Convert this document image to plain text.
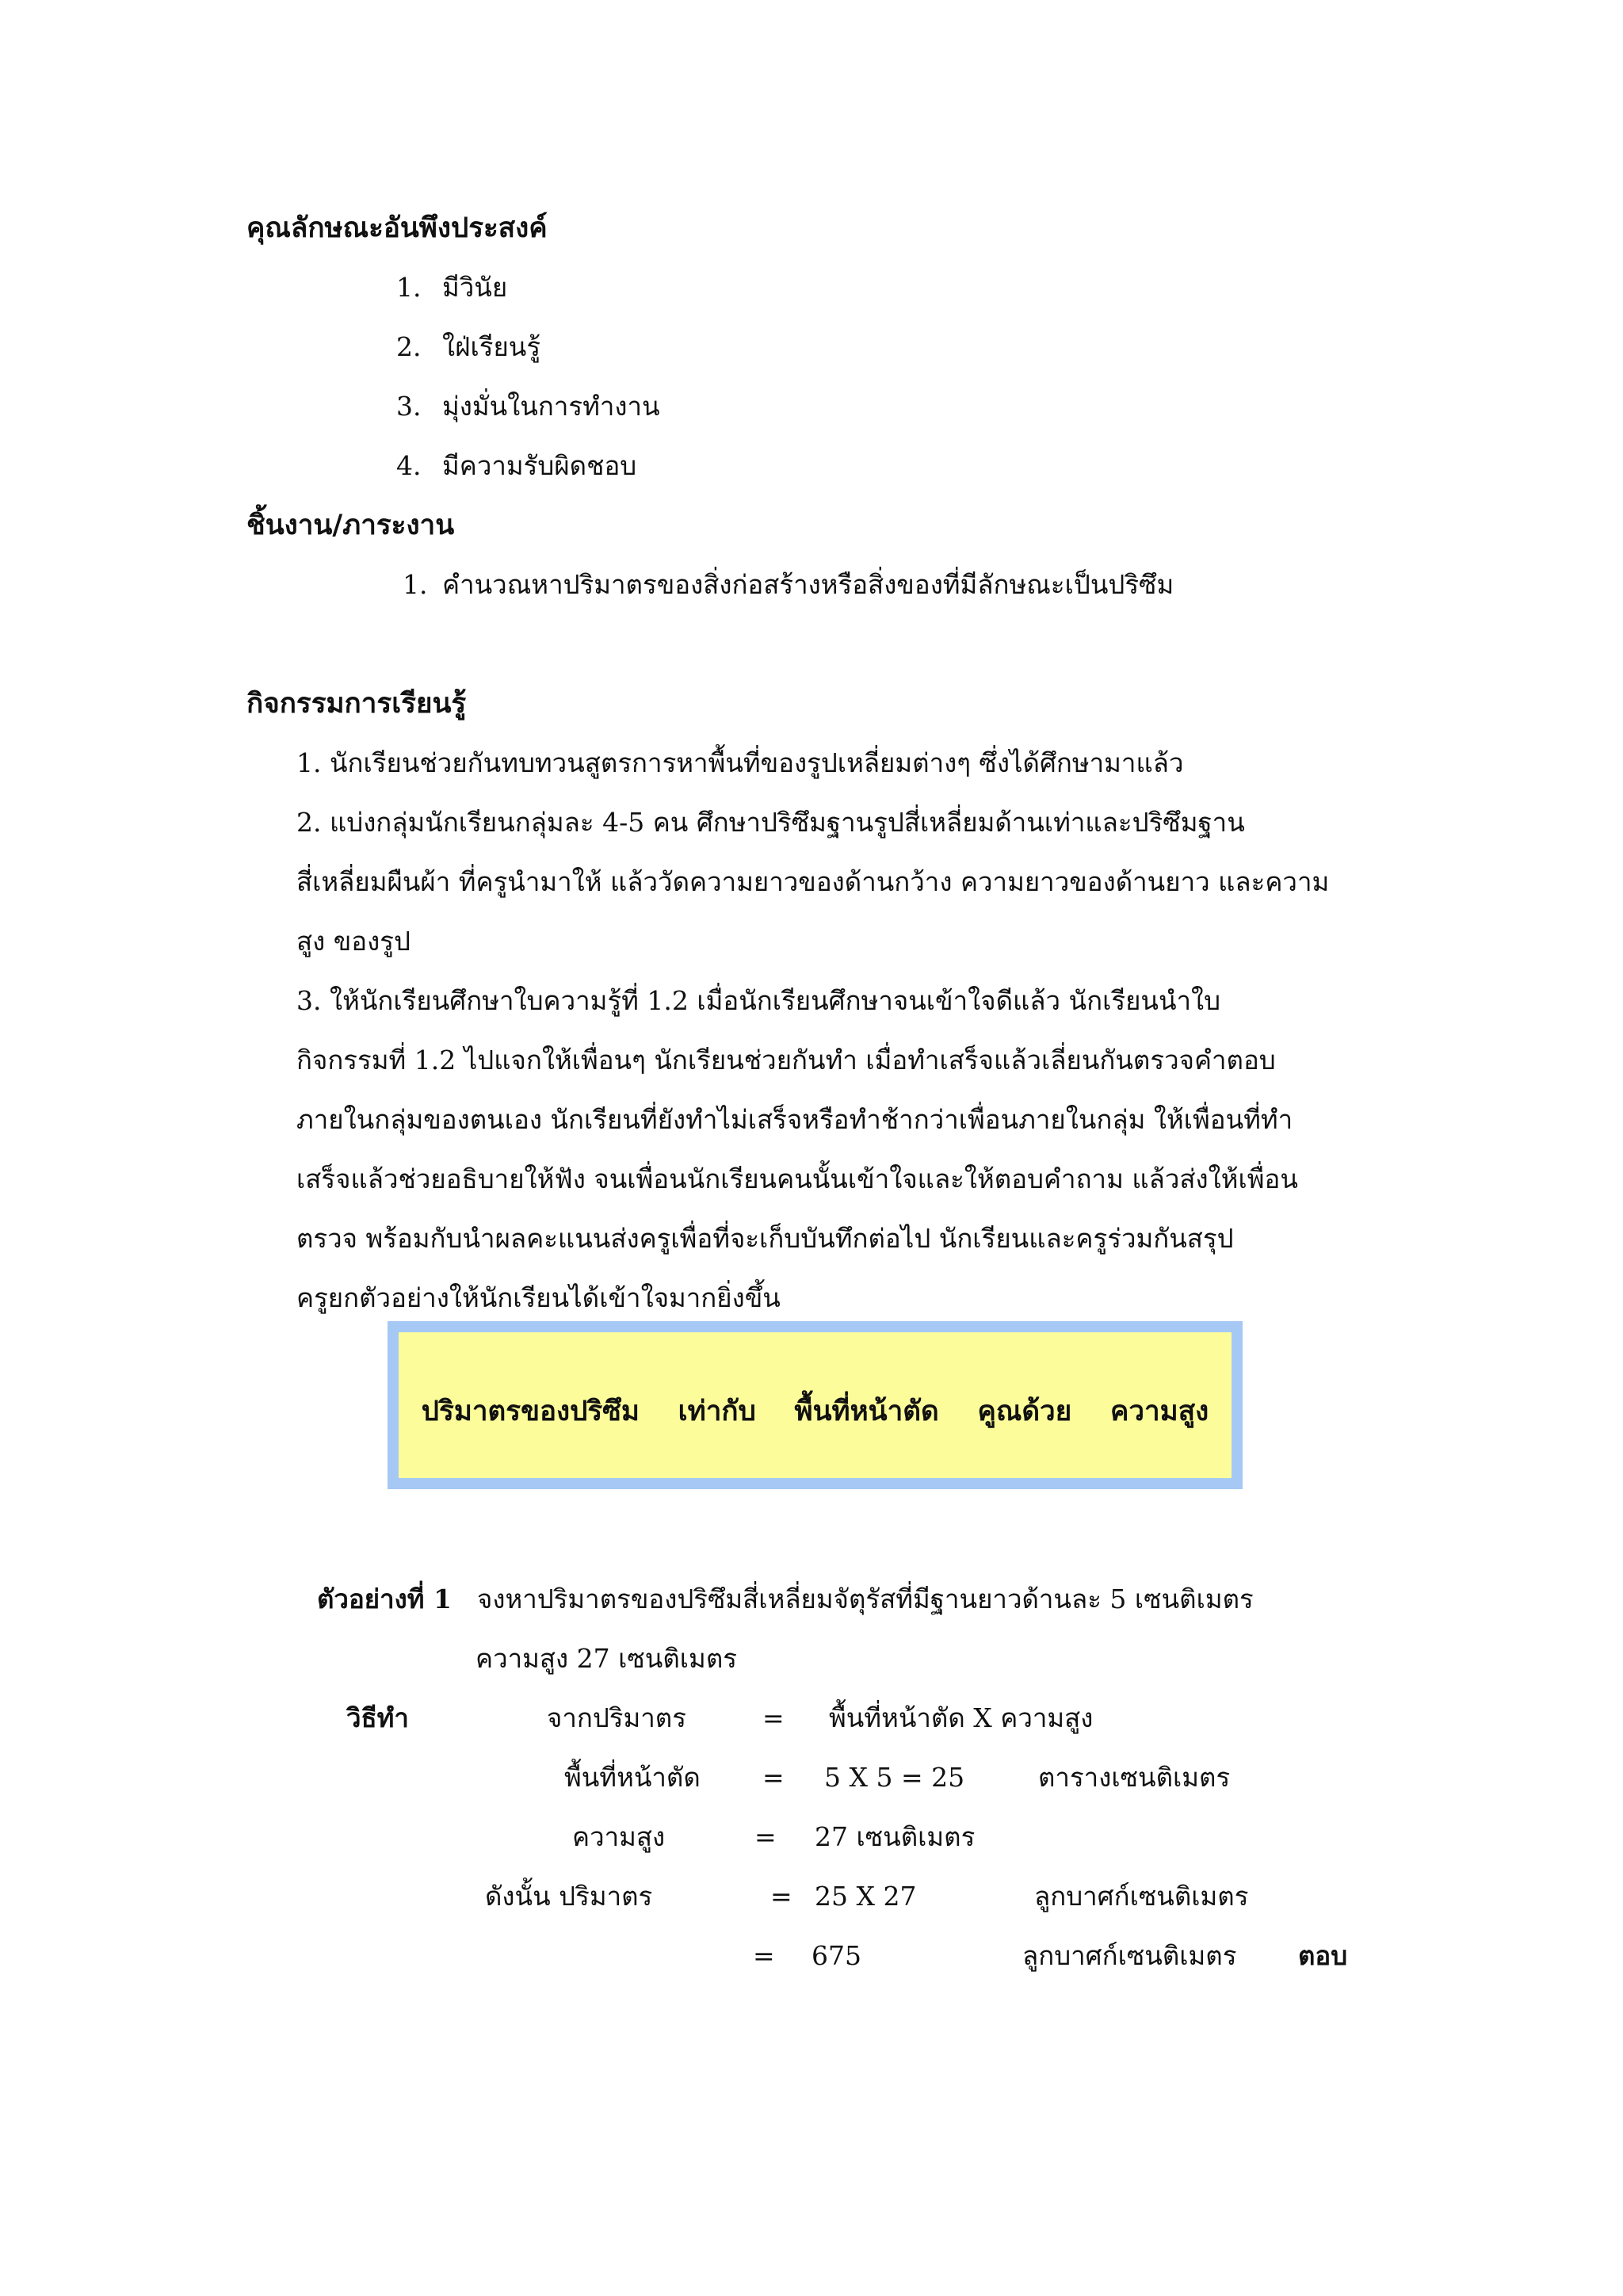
คุณลักษณะอันพึงประสงค์
1. มีวินัย
2. ใฝ่เรียนรู้
3. มุ่งมั่นในการทำงาน
4. มีความรับผิดชอบ
ชิ้นงาน/ภาระงาน
1. คำนวณหาปริมาตรของสิ่งก่อสร้างหรือสิ่งของที่มีลักษณะเป็นปริซึม
กิจกรรมการเรียนรู้
1. นักเรียนช่วยกันทบทวนสูตรการหาพื้นที่ของรูปเหลี่ยมต่างๆ ซึ่งได้ศึกษามาแล้ว
2. แบ่งกลุ่มนักเรียนกลุ่มละ 4-5 คน ศึกษาปริซึมฐานรูปสี่เหลี่ยมด้านเท่าและปริซึมฐาน
สี่เหลี่ยมผืนผ้า ที่ครูนำมาให้ แล้ววัดความยาวของด้านกว้าง ความยาวของด้านยาว และความ
สูง ของรูป
3. ให้นักเรียนศึกษาใบความรู้ที่ 1.2 เมื่อนักเรียนศึกษาจนเข้าใจดีแล้ว นักเรียนนำใบ
กิจกรรมที่ 1.2 ไปแจกให้เพื่อนๆ นักเรียนช่วยกันทำ เมื่อทำเสร็จแล้วเลี่ยนกันตรวจคำตอบ
ภายในกลุ่มของตนเอง นักเรียนที่ยังทำไม่เสร็จหรือทำช้ากว่าเพื่อนภายในกลุ่ม ให้เพื่อนที่ทำ
เสร็จแล้วช่วยอธิบายให้ฟัง จนเพื่อนนักเรียนคนนั้นเข้าใจและให้ตอบคำถาม แล้วส่งให้เพื่อน
ตรวจ พร้อมกับนำผลคะแนนส่งครูเพื่อที่จะเก็บบันทึกต่อไป นักเรียนและครูร่วมกันสรุป
ครูยกตัวอย่างให้นักเรียนได้เข้าใจมากยิ่งขึ้น
ปริมาตรของปริซึม    เท่ากับ    พื้นที่หน้าตัด    คูณด้วย    ความสูง
ตัวอย่างที่ 1 จงหาปริมาตรของปริซึมสี่เหลี่ยมจัตุรัสที่มีฐานยาวด้านละ 5 เซนติเมตร
ความสูง 27 เซนติเมตร
วิธีทำ	จากปริมาตร	= พื้นที่หน้าตัด X ความสูง
พื้นที่หน้าตัด = 5 X 5 = 25	ตารางเซนติเมตร
ความสูง	= 27 เซนติเมตร
ดังนั้น ปริมาตร	= 25 X 27	ลูกบาศก์เซนติเมตร
= 675	ลูกบาศก์เซนติเมตร ตอบ
